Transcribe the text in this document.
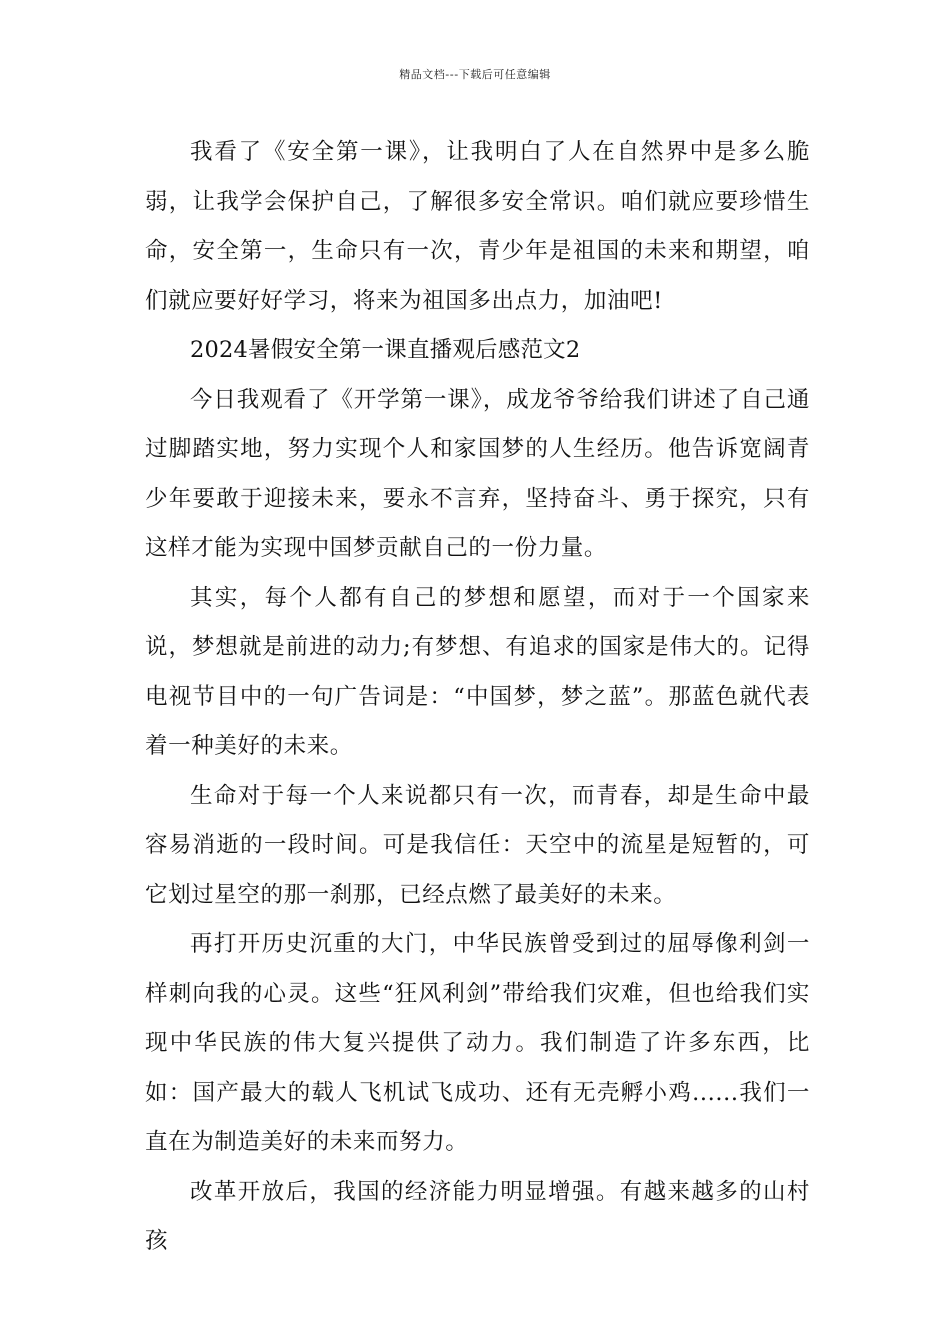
精品文档---下载后可任意编辑

我看了《安全第一课》，让我明白了人在自然界中是多么脆弱，让我学会保护自己，了解很多安全常识。咱们就应要珍惜生命，安全第一，生命只有一次，青少年是祖国的未来和期望，咱们就应要好好学习，将来为祖国多出点力，加油吧!

2024暑假安全第一课直播观后感范文2

今日我观看了《开学第一课》，成龙爷爷给我们讲述了自己通过脚踏实地，努力实现个人和家国梦的人生经历。他告诉宽阔青少年要敢于迎接未来，要永不言弃，坚持奋斗、勇于探究，只有这样才能为实现中国梦贡献自己的一份力量。

其实，每个人都有自己的梦想和愿望，而对于一个国家来说，梦想就是前进的动力;有梦想、有追求的国家是伟大的。记得电视节目中的一句广告词是：“中国梦，梦之蓝”。那蓝色就代表着一种美好的未来。

生命对于每一个人来说都只有一次，而青春，却是生命中最容易消逝的一段时间。可是我信任：天空中的流星是短暂的，可它划过星空的那一刹那，已经点燃了最美好的未来。

再打开历史沉重的大门，中华民族曾受到过的屈辱像利剑一样刺向我的心灵。这些“狂风利剑”带给我们灾难，但也给我们实现中华民族的伟大复兴提供了动力。我们制造了许多东西，比如：国产最大的载人飞机试飞成功、还有无壳孵小鸡......我们一直在为制造美好的未来而努力。

改革开放后，我国的经济能力明显增强。有越来越多的山村孩
